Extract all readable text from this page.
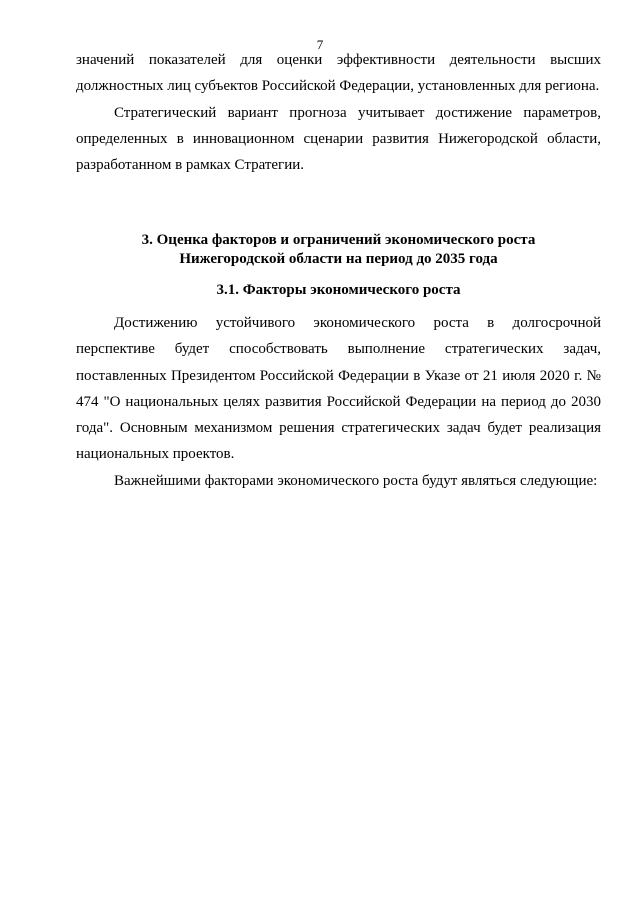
7

значений показателей для оценки эффективности деятельности высших должностных лиц субъектов Российской Федерации, установленных для региона.

Стратегический вариант прогноза учитывает достижение параметров, определенных в инновационном сценарии развития Нижегородской области, разработанном в рамках Стратегии.

3. Оценка факторов и ограничений экономического роста
Нижегородской области на период до 2035 года
3.1. Факторы экономического роста

Достижению устойчивого экономического роста в долгосрочной перспективе будет способствовать выполнение стратегических задач, поставленных Президентом Российской Федерации в Указе от 21 июля 2020 г. № 474 "О национальных целях развития Российской Федерации на период до 2030 года". Основным механизмом решения стратегических задач будет реализация национальных проектов.

Важнейшими факторами экономического роста будут являться следующие:
